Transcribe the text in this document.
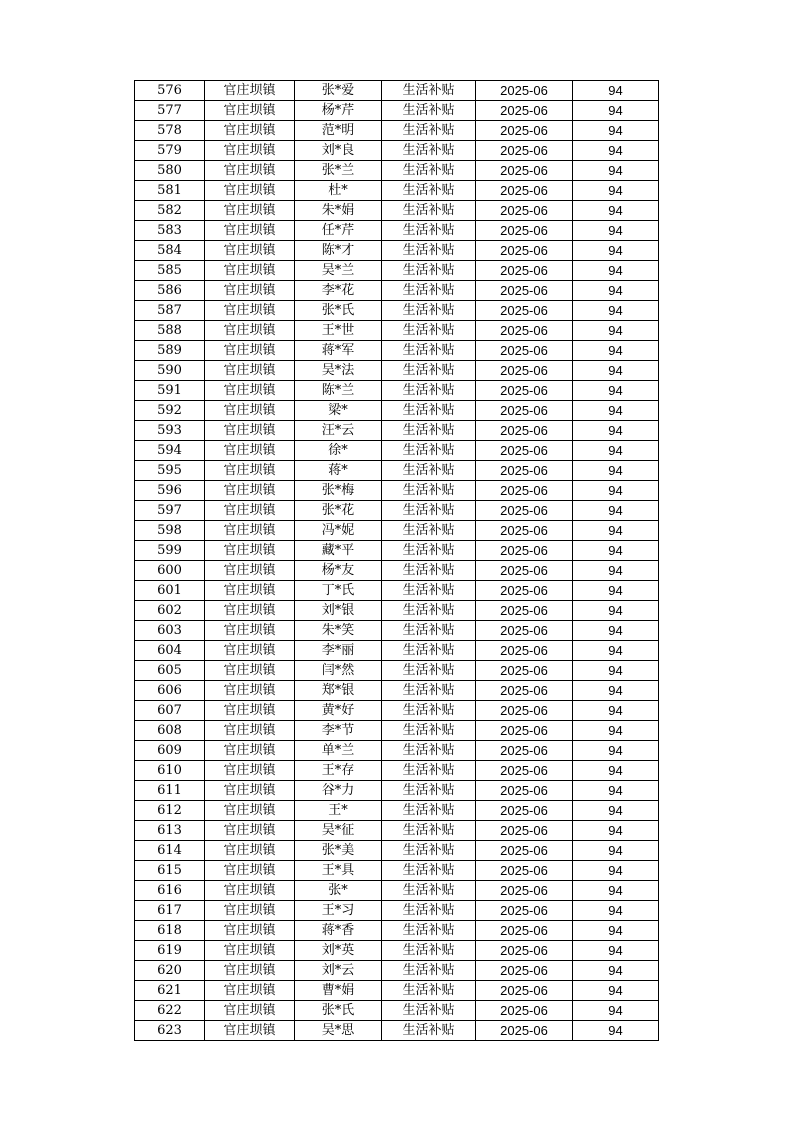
576	官庄坝镇	张*爱	生活补贴	2025-06	94
577	官庄坝镇	杨*芹	生活补贴	2025-06	94
578	官庄坝镇	范*明	生活补贴	2025-06	94
579	官庄坝镇	刘*良	生活补贴	2025-06	94
580	官庄坝镇	张*兰	生活补贴	2025-06	94
581	官庄坝镇	杜*	生活补贴	2025-06	94
582	官庄坝镇	朱*娟	生活补贴	2025-06	94
583	官庄坝镇	任*芹	生活补贴	2025-06	94
584	官庄坝镇	陈*才	生活补贴	2025-06	94
585	官庄坝镇	吴*兰	生活补贴	2025-06	94
586	官庄坝镇	李*花	生活补贴	2025-06	94
587	官庄坝镇	张*氏	生活补贴	2025-06	94
588	官庄坝镇	王*世	生活补贴	2025-06	94
589	官庄坝镇	蒋*军	生活补贴	2025-06	94
590	官庄坝镇	吴*法	生活补贴	2025-06	94
591	官庄坝镇	陈*兰	生活补贴	2025-06	94
592	官庄坝镇	梁*	生活补贴	2025-06	94
593	官庄坝镇	汪*云	生活补贴	2025-06	94
594	官庄坝镇	徐*	生活补贴	2025-06	94
595	官庄坝镇	蒋*	生活补贴	2025-06	94
596	官庄坝镇	张*梅	生活补贴	2025-06	94
597	官庄坝镇	张*花	生活补贴	2025-06	94
598	官庄坝镇	冯*妮	生活补贴	2025-06	94
599	官庄坝镇	藏*平	生活补贴	2025-06	94
600	官庄坝镇	杨*友	生活补贴	2025-06	94
601	官庄坝镇	丁*氏	生活补贴	2025-06	94
602	官庄坝镇	刘*银	生活补贴	2025-06	94
603	官庄坝镇	朱*笑	生活补贴	2025-06	94
604	官庄坝镇	李*丽	生活补贴	2025-06	94
605	官庄坝镇	闫*然	生活补贴	2025-06	94
606	官庄坝镇	郑*银	生活补贴	2025-06	94
607	官庄坝镇	黄*好	生活补贴	2025-06	94
608	官庄坝镇	李*节	生活补贴	2025-06	94
609	官庄坝镇	单*兰	生活补贴	2025-06	94
610	官庄坝镇	王*存	生活补贴	2025-06	94
611	官庄坝镇	谷*力	生活补贴	2025-06	94
612	官庄坝镇	王*	生活补贴	2025-06	94
613	官庄坝镇	吴*征	生活补贴	2025-06	94
614	官庄坝镇	张*美	生活补贴	2025-06	94
615	官庄坝镇	王*具	生活补贴	2025-06	94
616	官庄坝镇	张*	生活补贴	2025-06	94
617	官庄坝镇	王*习	生活补贴	2025-06	94
618	官庄坝镇	蒋*香	生活补贴	2025-06	94
619	官庄坝镇	刘*英	生活补贴	2025-06	94
620	官庄坝镇	刘*云	生活补贴	2025-06	94
621	官庄坝镇	曹*娟	生活补贴	2025-06	94
622	官庄坝镇	张*氏	生活补贴	2025-06	94
623	官庄坝镇	吴*思	生活补贴	2025-06	94
